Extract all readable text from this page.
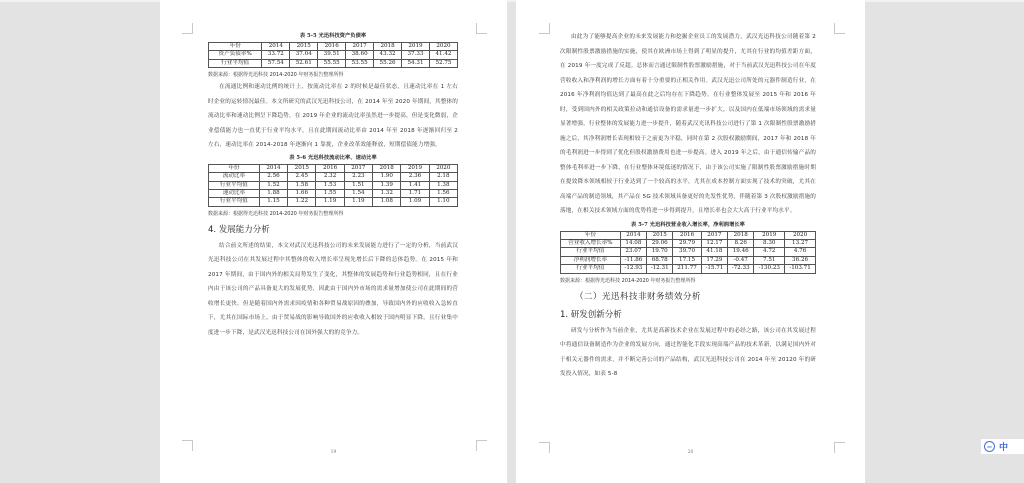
表 5-5 光迅科技资产负债率
年份	2014	2015	2016	2017	2018	2019	2020
资产负债率%	33.72	37.04	39.51	38.60	43.32	37.33	41.42
行业平均值	57.54	52.61	55.55	53.55	55.26	54.31	52.75
数据来源：根据得光迅科技 2014-2020 年财务报告整理所得

在流通比例和速动比例的统计上，按流动比率在 2 的时候是最佳状态，且速动比率在 1 左右时企业的运转情况最佳。本文所研究的武汉光迅科技公司，在 2014 年至 2020 年期间，其整体的流动比率和速动比例呈下降趋势，在 2019 年企业的流动比率虽然进一步提高，但是变化微弱，企业偿债能力也一直优于行业平均水平。且在此期间流动比率由 2014 年至 2018 年逐渐回归至 2 左右，速动比率在 2014-2018 年逐渐向 1 靠拢，企业改革效能释放，短期偿债能力增强。

表 5-6 光迅科技流动比率、速动比率
年份	2014	2015	2016	2017	2018	2019	2020
流动比率	2.56	2.45	2.32	2.23	1.90	2.36	2.18
行业平均值	1.52	1.58	1.53	1.51	1.39	1.41	1.38
速动比率	1.88	1.66	1.55	1.54	1.32	1.71	1.56
行业平均值	1.15	1.22	1.19	1.19	1.08	1.09	1.10
数据来源：根据得光迅科技 2014-2020 年财务报告整理所得
4. 发展能力分析

结合前文所述的结果，本文对武汉光迅科技公司的未来发展能力进行了一定的分析，当前武汉光迅科技公司在其发展过程中其整体的收入增长率呈现先增长后下降的总体趋势。在 2015 年和 2017 年期间，由于国内外的相关局势发生了变化，其整体的发展趋势和行业趋势相同，且在行业内由于该公司的产品具备更大的发展优势，因此由于国内外市场的需求量增加使公司在此期间的营收增长更快。但是随着国内外需求因疫情和各种贸易战原因的叠加，导致国内外的应收收入急转直下，尤其在国际市场上，由于贸易战的影响导致国外的应收收入相较于国内明显下降，且行业集中度进一步下降，是武汉光迅科技公司在国外强大的的竞争力。

19

由此为了能够提高企业的未来发展能力和挖掘企业员工的发展潜力，武汉光迅科技公司随着第 2 次限制性股票激励措施的实施，使其在欧洲市场上得到了明显的提升，尤其在行业的均值差距方面，在 2019 年一度完成了反超。总体而言通过限制性股票激励措施，对于当前武汉光迅科技公司在年度营收收入和净利润的增长方面有着十分重要的正相关作用。武汉光迅公司所处的元器件制造行业，在 2016 年净利润均值达到了最高在此之后均存在下降趋势。在行业整体发展至 2015 年和 2016 年时，受到国内外的相关政策拉动和通信设备的需求量进一步扩大，以及国内在低端市场领域的需求量显著增强，行业整体的发展能力进一步提升，随着武汉光讯科技公司进行了第 1 次限制性股票激励措施之后，其净利润增长表现相较于之前更为平稳，同时在第 2 次股权激励期间，2017 年和 2018 年的毛利润进一步得到了优化但股权激励费用也进一步提高。进入 2019 年之后，由于通信传输产品的整体毛利率进一步下降，在行业整体环境低迷的情况下，由于该公司实施了限制性股票激励措施时期在提效降本领域相较于行业达到了一个较高的水平，尤其在成本控制方面实现了技术的突破，尤其在高端产品的制造领域，其产品在 5G 技术领域具备更好的先发性优势，伴随着第 3 次股权激励措施的落地，在相关技术领域方面的优势将进一步得到提升，且增长率也会大大高于行业平均水平。

表 5-7 光迅科技营业收入增长率，净利润增长率
年份	2014	2015	2016	2017	2018	2019	2020
营业收入增长率%	14.08	29.06	29.79	12.17	8.26	8.30	13.27
行业平均值	23.07	19.70	39.70	41.18	19.46	4.72	4.76
净利润增长率	-11.86	68.78	17.15	17.29	-0.47	7.51	36.26
行业平均值	-12.93	-12.31	211.77	-15.71	-72.33	-130.23	-103.71
数据来源：根据得光迅科技 2014-2020 年财务报告整理所得
（二）光迅科技非财务绩效分析
1. 研发创新分析

研发与分析作为当前企业，尤其是高新技术企业在发展过程中的必经之路，该公司在其发展过程中将通信设备制造作为企业的发展方向，通过智能化手段实现高端产品的技术革新，以满足国内外对于相关元器件的需求，并不断完善公司的产品结构，武汉光迅科技公司在 2014 年至 20120 年的研发投入情况，如表 5-8

20
IME 中
